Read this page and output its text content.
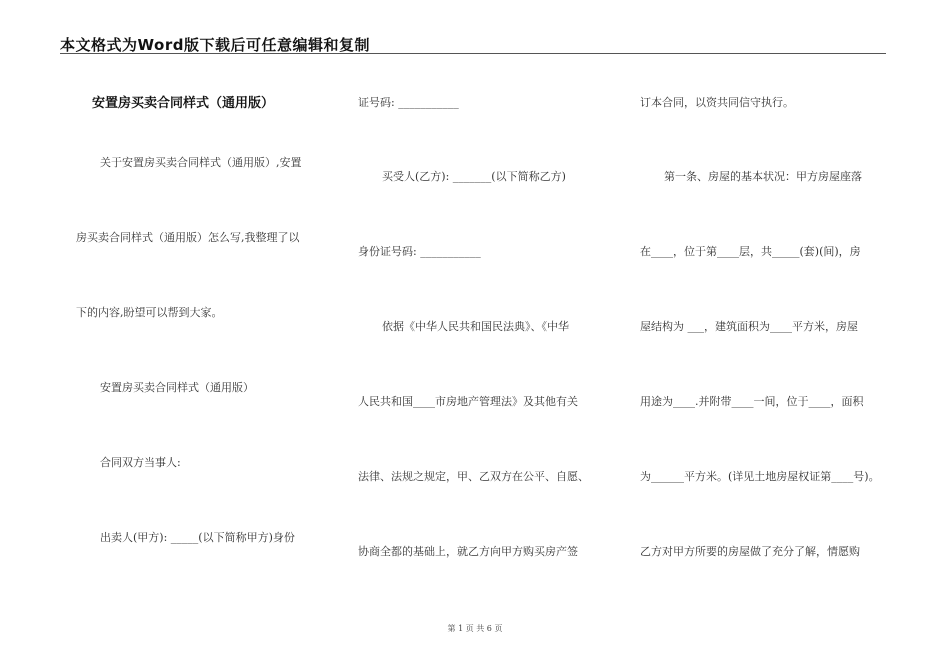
本文格式为Word版下载后可任意编辑和复制
安置房买卖合同样式（通用版）
关于安置房买卖合同样式（通用版）,安置
房买卖合同样式（通用版）怎么写,我整理了以
下的内容,盼望可以帮到大家。
安置房买卖合同样式（通用版）
合同双方当事人:
出卖人(甲方): _____(以下简称甲方)身份
证号码: ___________
买受人(乙方): _______(以下简称乙方)
身份证号码: ___________
依据《中华人民共和国民法典》、《中华
人民共和国____市房地产管理法》及其他有关
法律、法规之规定，甲、乙双方在公平、自愿、
协商全都的基础上，就乙方向甲方购买房产签
订本合同，以资共同信守执行。
第一条、房屋的基本状况：甲方房屋座落
在____，位于第____层，共_____(套)(间)，房
屋结构为 ___，建筑面积为____平方米，房屋
用途为____.并附带____一间，位于____，面积
为______平方米。(详见土地房屋权证第____号)。
乙方对甲方所要的房屋做了充分了解，情愿购
第 1 页 共 6 页
